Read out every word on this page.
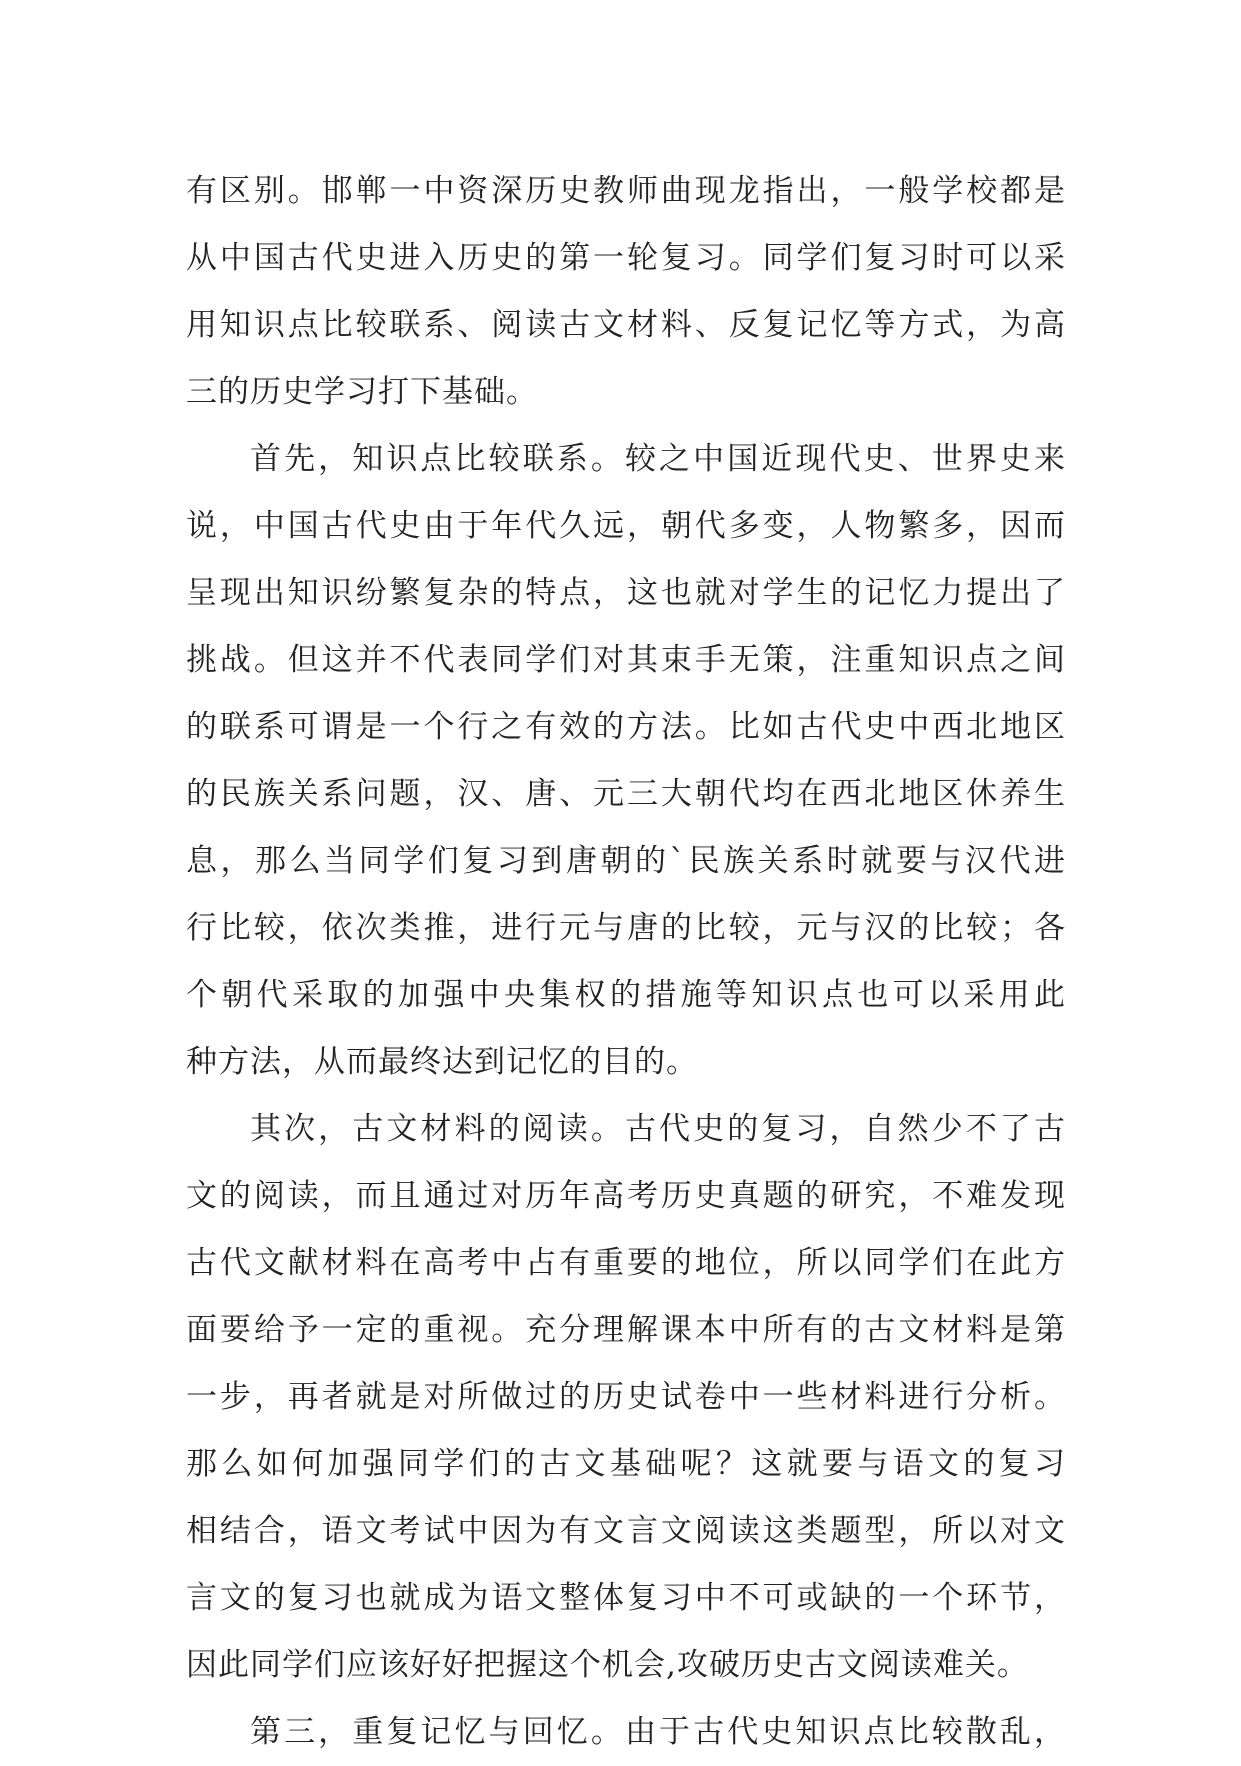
有区别。邯郸一中资深历史教师曲现龙指出，一般学校都是
从中国古代史进入历史的第一轮复习。同学们复习时可以采
用知识点比较联系、阅读古文材料、反复记忆等方式，为高
三的历史学习打下基础。
首先，知识点比较联系。较之中国近现代史、世界史来
说，中国古代史由于年代久远，朝代多变，人物繁多，因而
呈现出知识纷繁复杂的特点，这也就对学生的记忆力提出了
挑战。但这并不代表同学们对其束手无策，注重知识点之间
的联系可谓是一个行之有效的方法。比如古代史中西北地区
的民族关系问题，汉、唐、元三大朝代均在西北地区休养生
息，那么当同学们复习到唐朝的`民族关系时就要与汉代进
行比较，依次类推，进行元与唐的比较，元与汉的比较；各
个朝代采取的加强中央集权的措施等知识点也可以采用此
种方法，从而最终达到记忆的目的。
其次，古文材料的阅读。古代史的复习，自然少不了古
文的阅读，而且通过对历年高考历史真题的研究，不难发现
古代文献材料在高考中占有重要的地位，所以同学们在此方
面要给予一定的重视。充分理解课本中所有的古文材料是第
一步，再者就是对所做过的历史试卷中一些材料进行分析。
那么如何加强同学们的古文基础呢？这就要与语文的复习
相结合，语文考试中因为有文言文阅读这类题型，所以对文
言文的复习也就成为语文整体复习中不可或缺的一个环节，
因此同学们应该好好把握这个机会,攻破历史古文阅读难关。
第三，重复记忆与回忆。由于古代史知识点比较散乱，
